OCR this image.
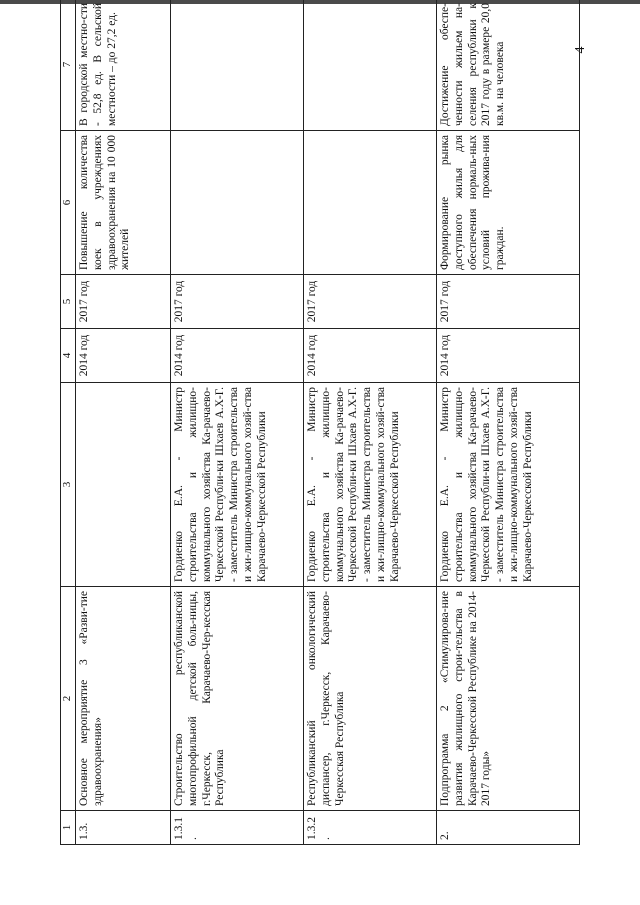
4
1	2	3	4	5	6	7
1.3.	Основное мероприятие 3 «Разви-тие здравоохранения»		2014 год	2017 год	Повышение количества коек в учреждениях здравоохранения на 10 000 жителей	В городской местно-сти - 52,8 ед. В сельской местности – до 27,2 ед.
1.3.1.	Строительство республиканской многопрофильной детской боль-ницы, г.Черкесск, Карачаево-Чер-кесская Республика	Гордиенко Е.А. - Министр строительства и жилищно-коммунального хозяйства Ка-рачаево-Черкесской Республи-ки Шхаев А.Х-Г. - заместитель Министра строительства и жи-лищно-коммунального хозяй-ства Карачаево-Черкесской Республики	2014 год	2017 год		
1.3.2.	Республиканский онкологический диспансер, г.Черкесск, Карачаево-Черкесская Республика	Гордиенко Е.А. - Министр строительства и жилищно-коммунального хозяйства Ка-рачаево-Черкесской Республи-ки Шхаев А.Х-Г. - заместитель Министра строительства и жи-лищно-коммунального хозяй-ства Карачаево-Черкесской Республики	2014 год	2017 год		
2.	Подпрограмма 2 «Стимулирова-ние развития жилищного строи-тельства в Карачаево-Черкесской Республике на 2014-2017 годы»	Гордиенко Е.А. - Министр строительства и жилищно-коммунального хозяйства Ка-рачаево-Черкесской Республи-ки Шхаев А.Х-Г. - заместитель Министра строительства и жи-лищно-коммунального хозяй-ства Карачаево-Черкесской Республики	2014 год	2017 год	Формирование рынка доступного жилья для обеспечения нормаль-ных условий прожива-ния граждан.	Достижение обеспе-ченности жильем на-селения республики к 2017 году в размере 20,0 кв.м. на человека
